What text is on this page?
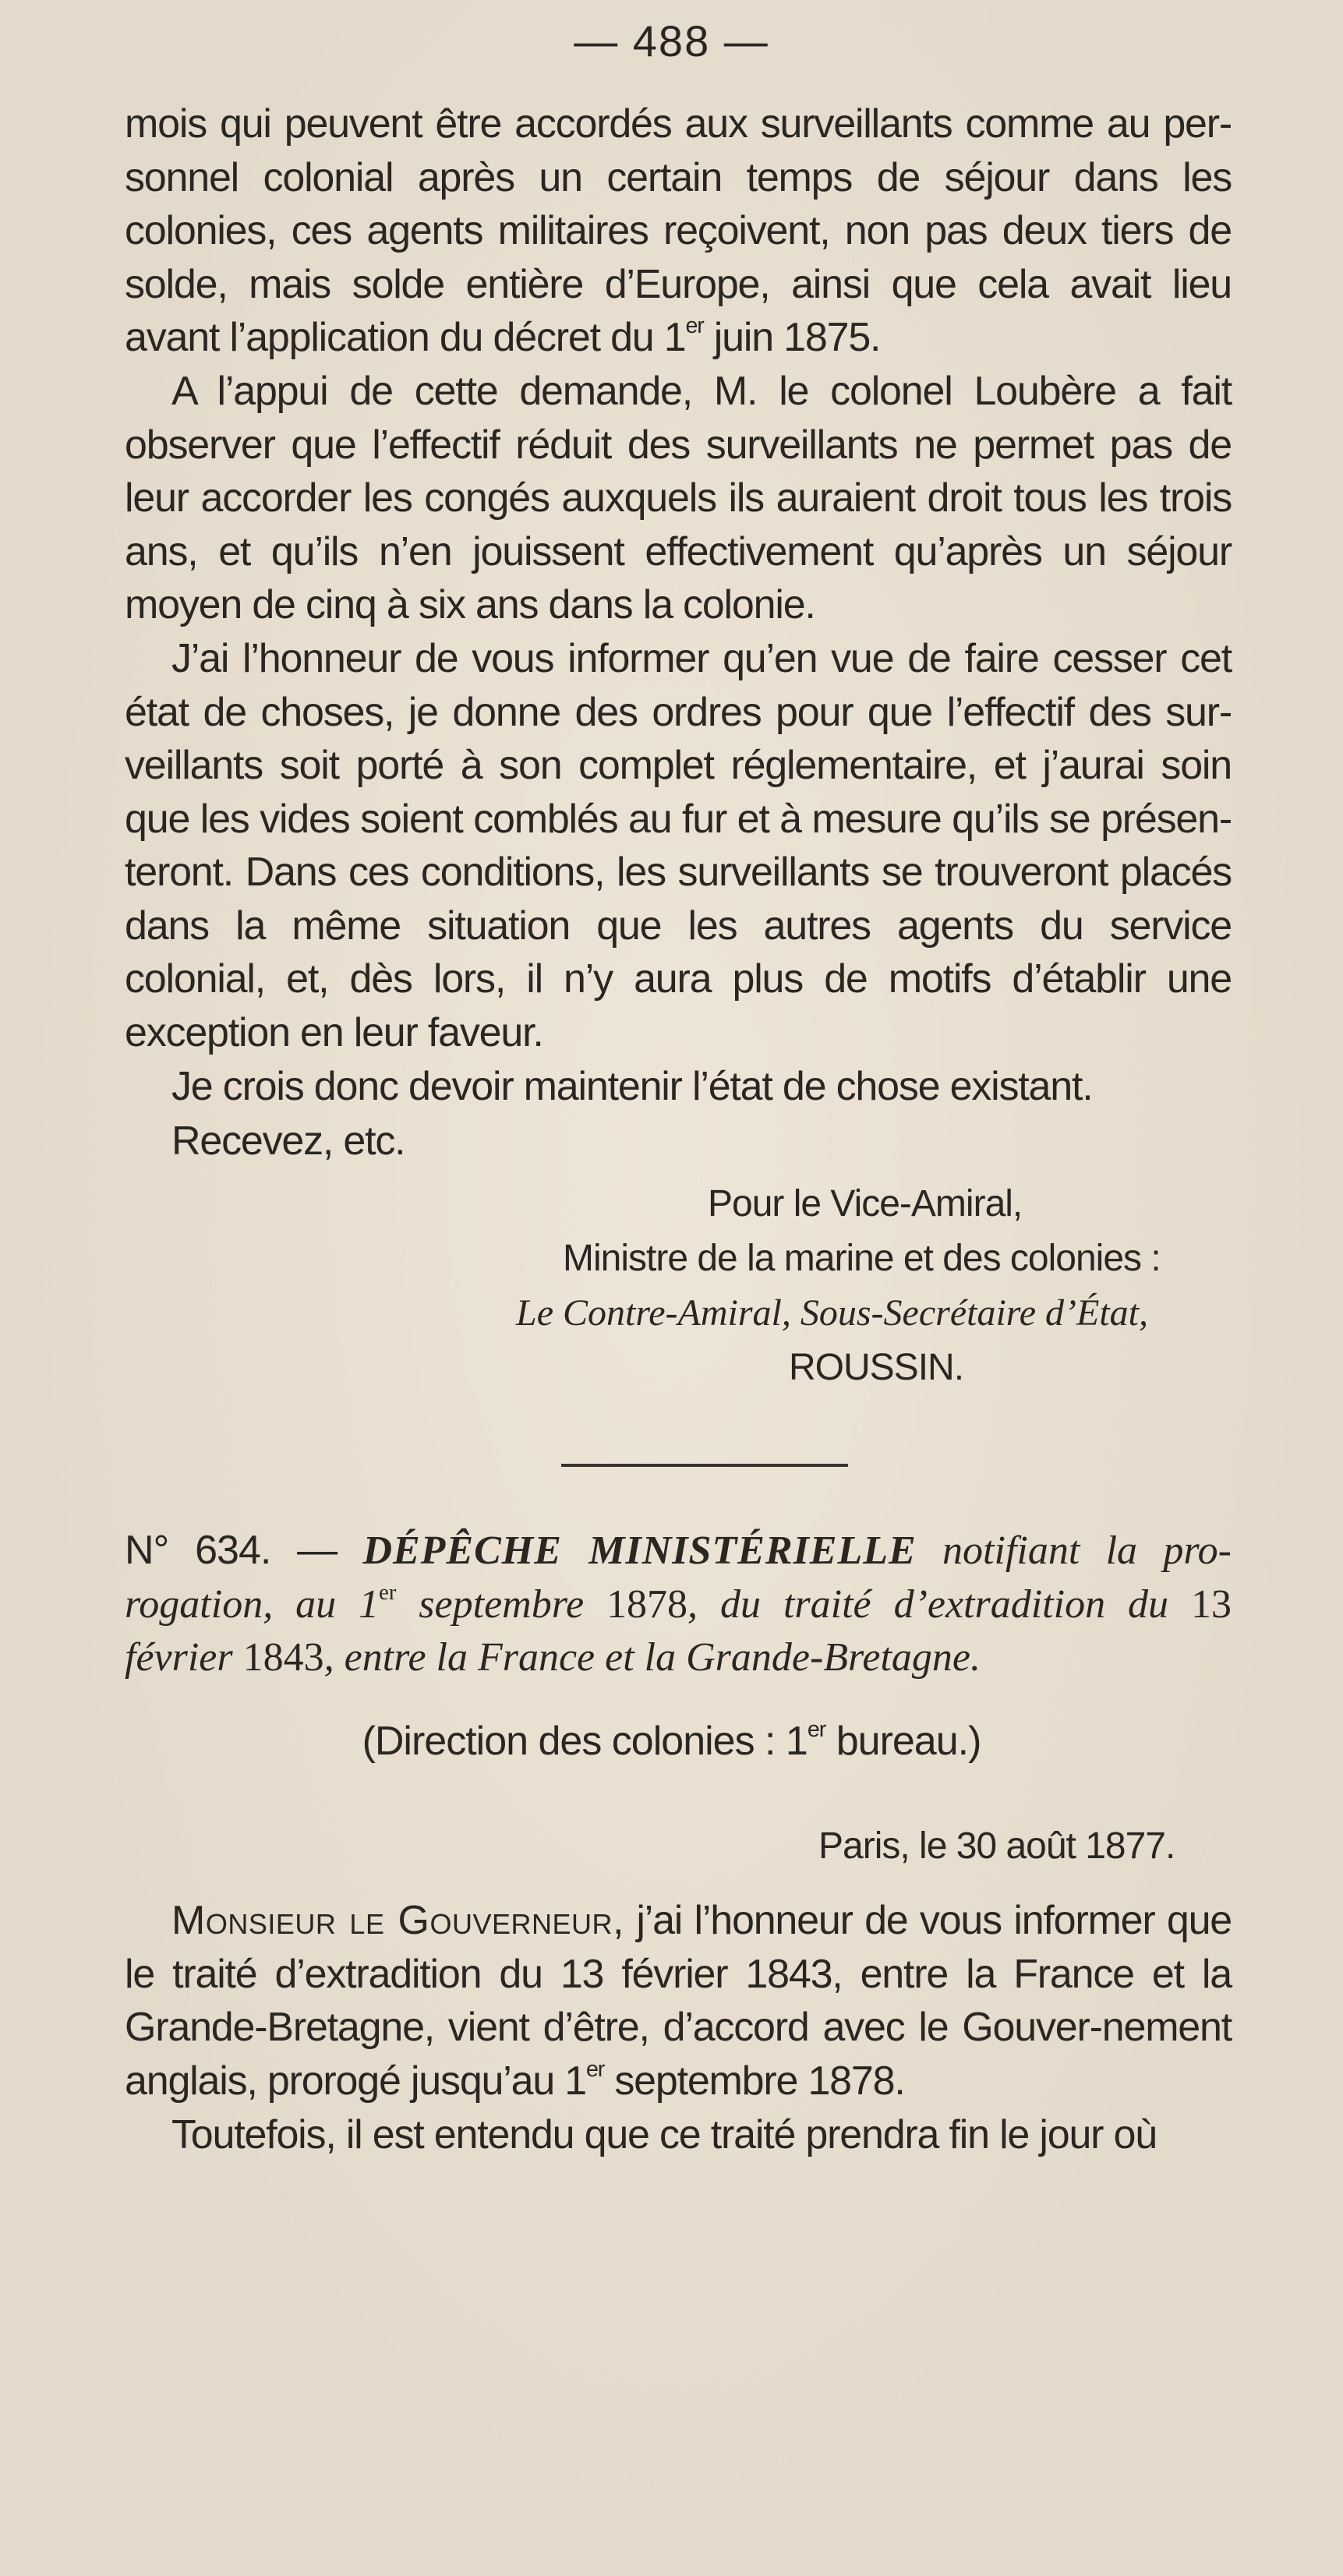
— 488 —

mois qui peuvent être accordés aux surveillants comme au per-sonnel colonial après un certain temps de séjour dans les colonies, ces agents militaires reçoivent, non pas deux tiers de solde, mais solde entière d’Europe, ainsi que cela avait lieu avant l’application du décret du 1er juin 1875.

A l’appui de cette demande, M. le colonel Loubère a fait observer que l’effectif réduit des surveillants ne permet pas de leur accorder les congés auxquels ils auraient droit tous les trois ans, et qu’ils n’en jouissent effectivement qu’après un séjour moyen de cinq à six ans dans la colonie.

J’ai l’honneur de vous informer qu’en vue de faire cesser cet état de choses, je donne des ordres pour que l’effectif des sur-veillants soit porté à son complet réglementaire, et j’aurai soin que les vides soient comblés au fur et à mesure qu’ils se présen-teront. Dans ces conditions, les surveillants se trouveront placés dans la même situation que les autres agents du service colonial, et, dès lors, il n’y aura plus de motifs d’établir une exception en leur faveur.

Je crois donc devoir maintenir l’état de chose existant.

Recevez, etc.

Pour le Vice-Amiral,
Ministre de la marine et des colonies :
Le Contre-Amiral, Sous-Secrétaire d’État,
ROUSSIN.

N° 634. — DÉPÊCHE MINISTÉRIELLE notifiant la pro-rogation, au 1er septembre 1878, du traité d’extradition du 13 février 1843, entre la France et la Grande-Bretagne.

(Direction des colonies : 1er bureau.)
Paris, le 30 août 1877.

Monsieur le Gouverneur, j’ai l’honneur de vous informer que le traité d’extradition du 13 février 1843, entre la France et la Grande-Bretagne, vient d’être, d’accord avec le Gouver-nement anglais, prorogé jusqu’au 1er septembre 1878.

Toutefois, il est entendu que ce traité prendra fin le jour où
